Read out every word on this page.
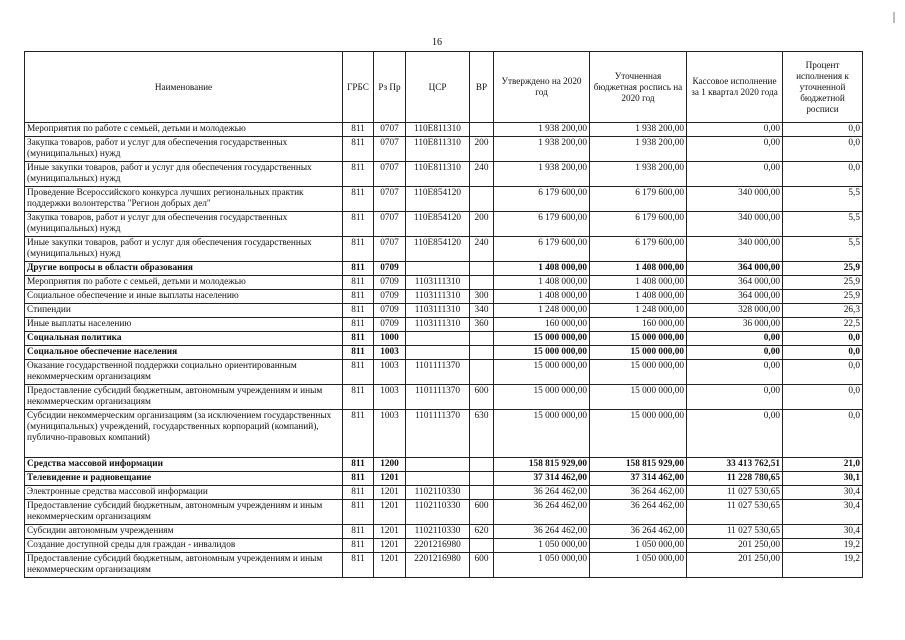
16
Наименование	ГРБС	Рз Пр	ЦСР	ВР	Утверждено на 2020 год	Уточненная бюджетная роспись на 2020 год	Кассовое исполнение за 1 квартал 2020 года	Процент исполнения к уточненной бюджетной росписи
Мероприятия по работе с семьей, детьми и молодежью	811	0707	110E811310		1 938 200,00	1 938 200,00	0,00	0,0
Закупка товаров, работ и услуг для обеспечения государственных (муниципальных) нужд	811	0707	110E811310	200	1 938 200,00	1 938 200,00	0,00	0,0
Иные закупки товаров, работ и услуг для обеспечения государственных (муниципальных) нужд	811	0707	110E811310	240	1 938 200,00	1 938 200,00	0,00	0,0
Проведение Всероссийского конкурса лучших региональных практик поддержки волонтерства "Регион добрых дел"	811	0707	110E854120		6 179 600,00	6 179 600,00	340 000,00	5,5
Закупка товаров, работ и услуг для обеспечения государственных (муниципальных) нужд	811	0707	110E854120	200	6 179 600,00	6 179 600,00	340 000,00	5,5
Иные закупки товаров, работ и услуг для обеспечения государственных (муниципальных) нужд	811	0707	110E854120	240	6 179 600,00	6 179 600,00	340 000,00	5,5
Другие вопросы в области образования	811	0709			1 408 000,00	1 408 000,00	364 000,00	25,9
Мероприятия по работе с семьей, детьми и молодежью	811	0709	1103111310		1 408 000,00	1 408 000,00	364 000,00	25,9
Социальное обеспечение и иные выплаты населению	811	0709	1103111310	300	1 408 000,00	1 408 000,00	364 000,00	25,9
Стипендии	811	0709	1103111310	340	1 248 000,00	1 248 000,00	328 000,00	26,3
Иные выплаты населению	811	0709	1103111310	360	160 000,00	160 000,00	36 000,00	22,5
Социальная политика	811	1000			15 000 000,00	15 000 000,00	0,00	0,0
Социальное обеспечение населения	811	1003			15 000 000,00	15 000 000,00	0,00	0,0
Оказание государственной поддержки социально ориентированным некоммерческим организациям	811	1003	1101111370		15 000 000,00	15 000 000,00	0,00	0,0
Предоставление субсидий бюджетным, автономным учреждениям и иным некоммерческим организациям	811	1003	1101111370	600	15 000 000,00	15 000 000,00	0,00	0,0
Субсидии некоммерческим организациям (за исключением государственных (муниципальных) учреждений, государственных корпораций (компаний), публично-правовых компаний)	811	1003	1101111370	630	15 000 000,00	15 000 000,00	0,00	0,0
Средства массовой информации	811	1200			158 815 929,00	158 815 929,00	33 413 762,51	21,0
Телевидение и радиовещание	811	1201			37 314 462,00	37 314 462,00	11 228 780,65	30,1
Электронные средства массовой информации	811	1201	1102110330		36 264 462,00	36 264 462,00	11 027 530,65	30,4
Предоставление субсидий бюджетным, автономным учреждениям и иным некоммерческим организациям	811	1201	1102110330	600	36 264 462,00	36 264 462,00	11 027 530,65	30,4
Субсидии автономным учреждениям	811	1201	1102110330	620	36 264 462,00	36 264 462,00	11 027 530,65	30,4
Создание доступной среды для граждан - инвалидов	811	1201	2201216980		1 050 000,00	1 050 000,00	201 250,00	19,2
Предоставление субсидий бюджетным, автономным учреждениям и иным некоммерческим организациям	811	1201	2201216980	600	1 050 000,00	1 050 000,00	201 250,00	19,2
